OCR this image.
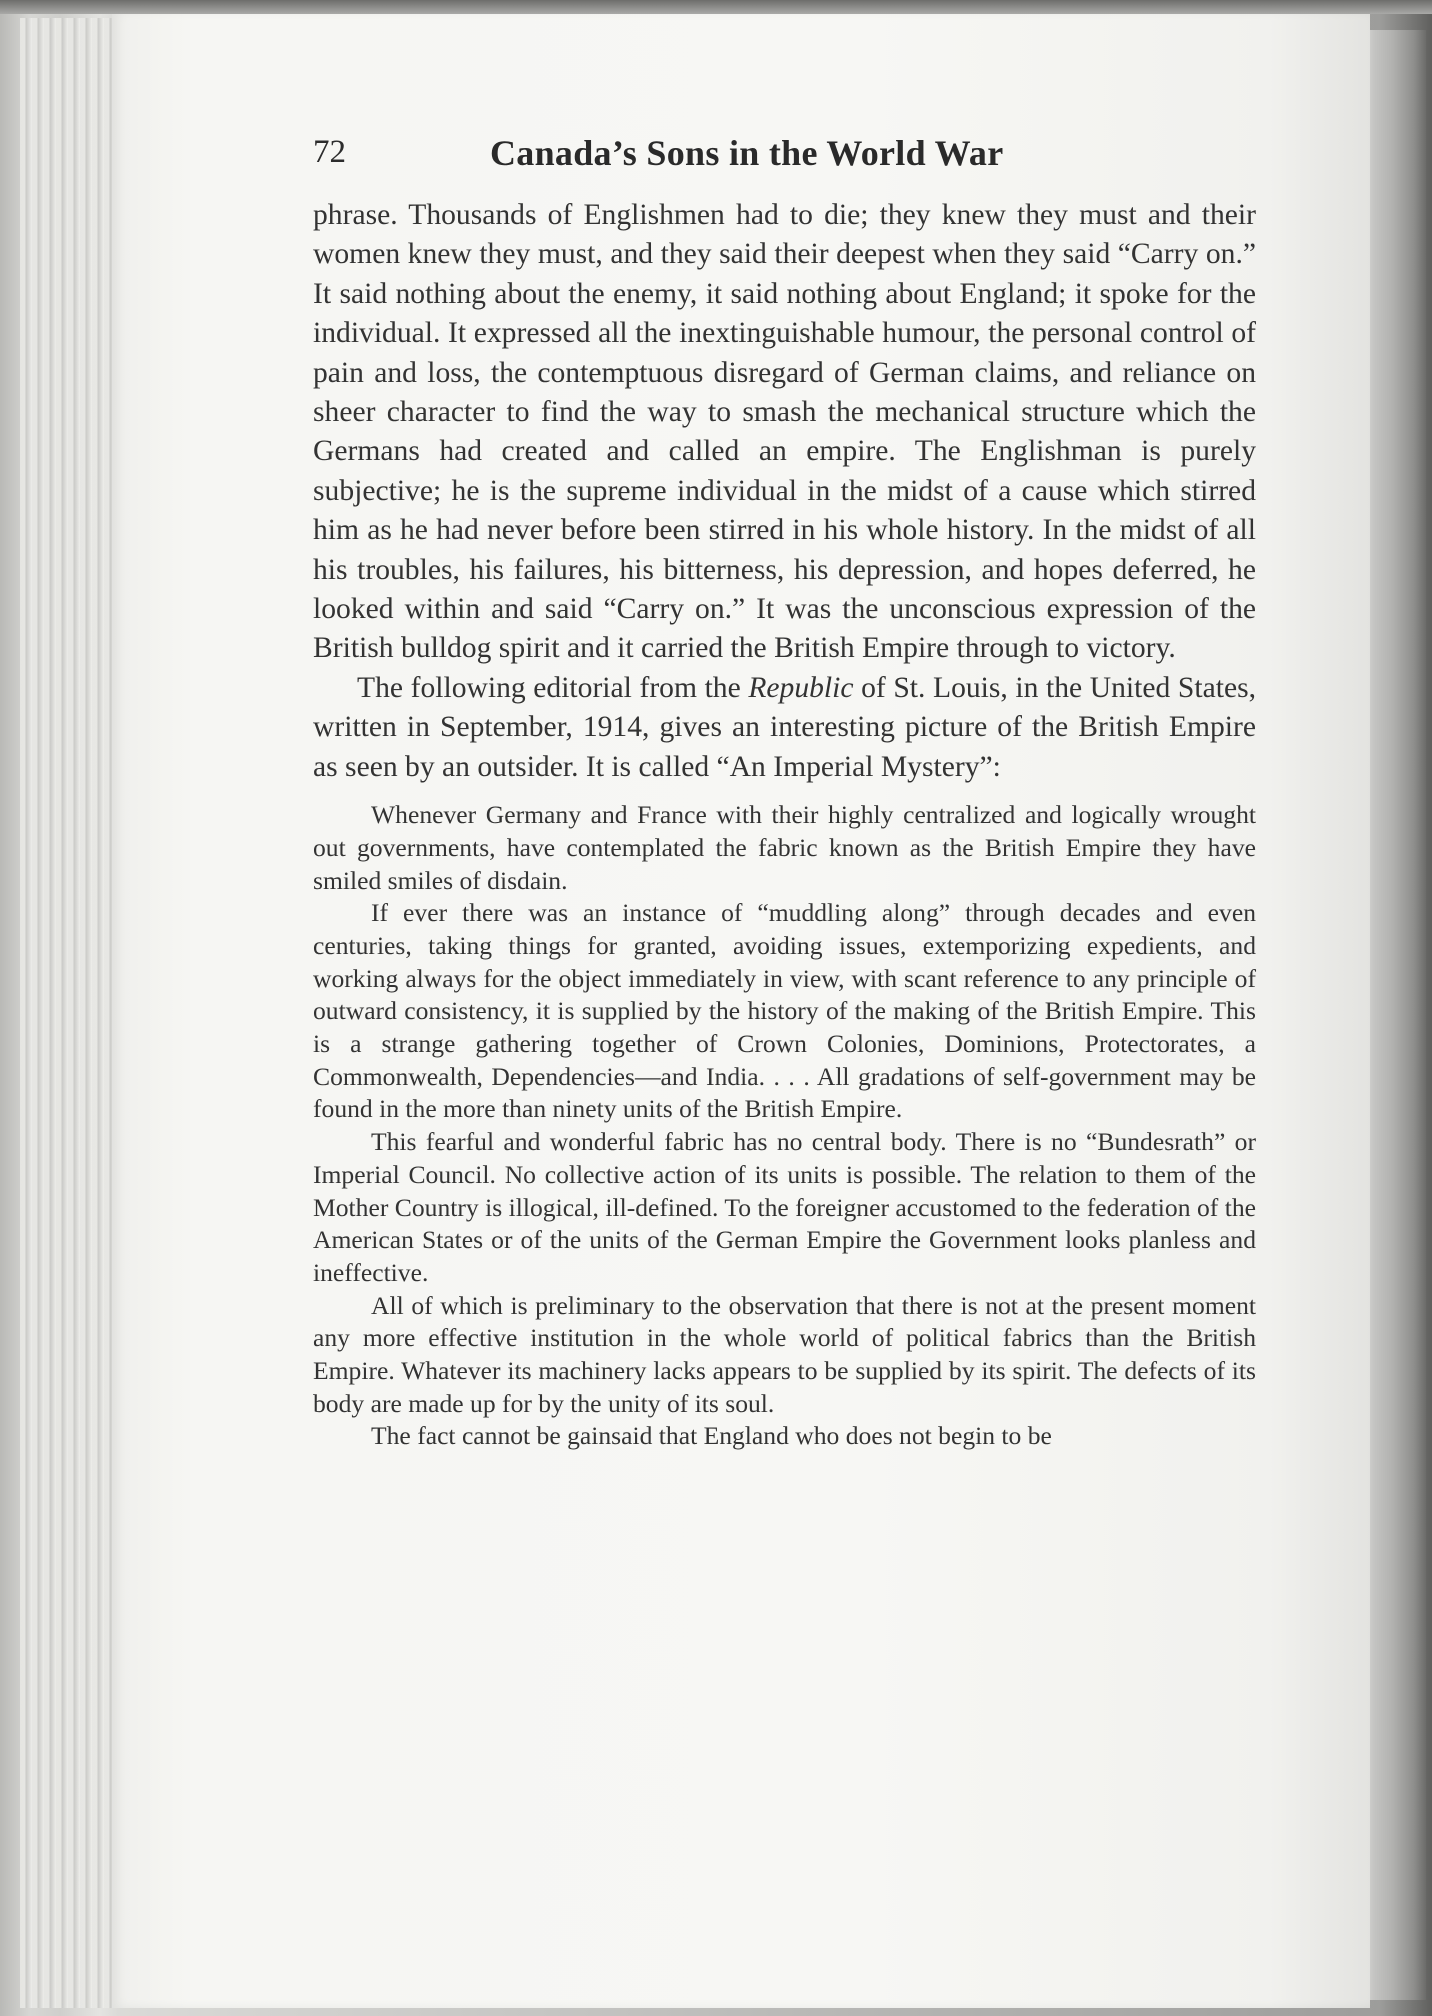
72	Canada’s Sons in the World War

phrase. Thousands of Englishmen had to die; they knew they must and their women knew they must, and they said their deepest when they said “Carry on.” It said nothing about the enemy, it said nothing about England; it spoke for the individual. It expressed all the inextinguishable humour, the personal control of pain and loss, the contemptuous disregard of German claims, and reliance on sheer character to find the way to smash the mechanical structure which the Germans had created and called an empire. The Englishman is purely subjective; he is the supreme individual in the midst of a cause which stirred him as he had never before been stirred in his whole history. In the midst of all his troubles, his failures, his bitterness, his depression, and hopes deferred, he looked within and said “Carry on.” It was the unconscious expression of the British bulldog spirit and it carried the British Empire through to victory.

The following editorial from the Republic of St. Louis, in the United States, written in September, 1914, gives an interesting picture of the British Empire as seen by an outsider. It is called “An Imperial Mystery”:

Whenever Germany and France with their highly centralized and logically wrought out governments, have contemplated the fabric known as the British Empire they have smiled smiles of disdain.

If ever there was an instance of “muddling along” through decades and even centuries, taking things for granted, avoiding issues, extemporizing expedients, and working always for the object immediately in view, with scant reference to any principle of outward consistency, it is supplied by the history of the making of the British Empire. This is a strange gathering together of Crown Colonies, Dominions, Protectorates, a Commonwealth, Dependencies—and India. . . . All gradations of self-government may be found in the more than ninety units of the British Empire.

This fearful and wonderful fabric has no central body. There is no “Bundesrath” or Imperial Council. No collective action of its units is possible. The relation to them of the Mother Country is illogical, ill-defined. To the foreigner accustomed to the federation of the American States or of the units of the German Empire the Government looks planless and ineffective.

All of which is preliminary to the observation that there is not at the present moment any more effective institution in the whole world of political fabrics than the British Empire. Whatever its machinery lacks appears to be supplied by its spirit. The defects of its body are made up for by the unity of its soul.

The fact cannot be gainsaid that England who does not begin to be
